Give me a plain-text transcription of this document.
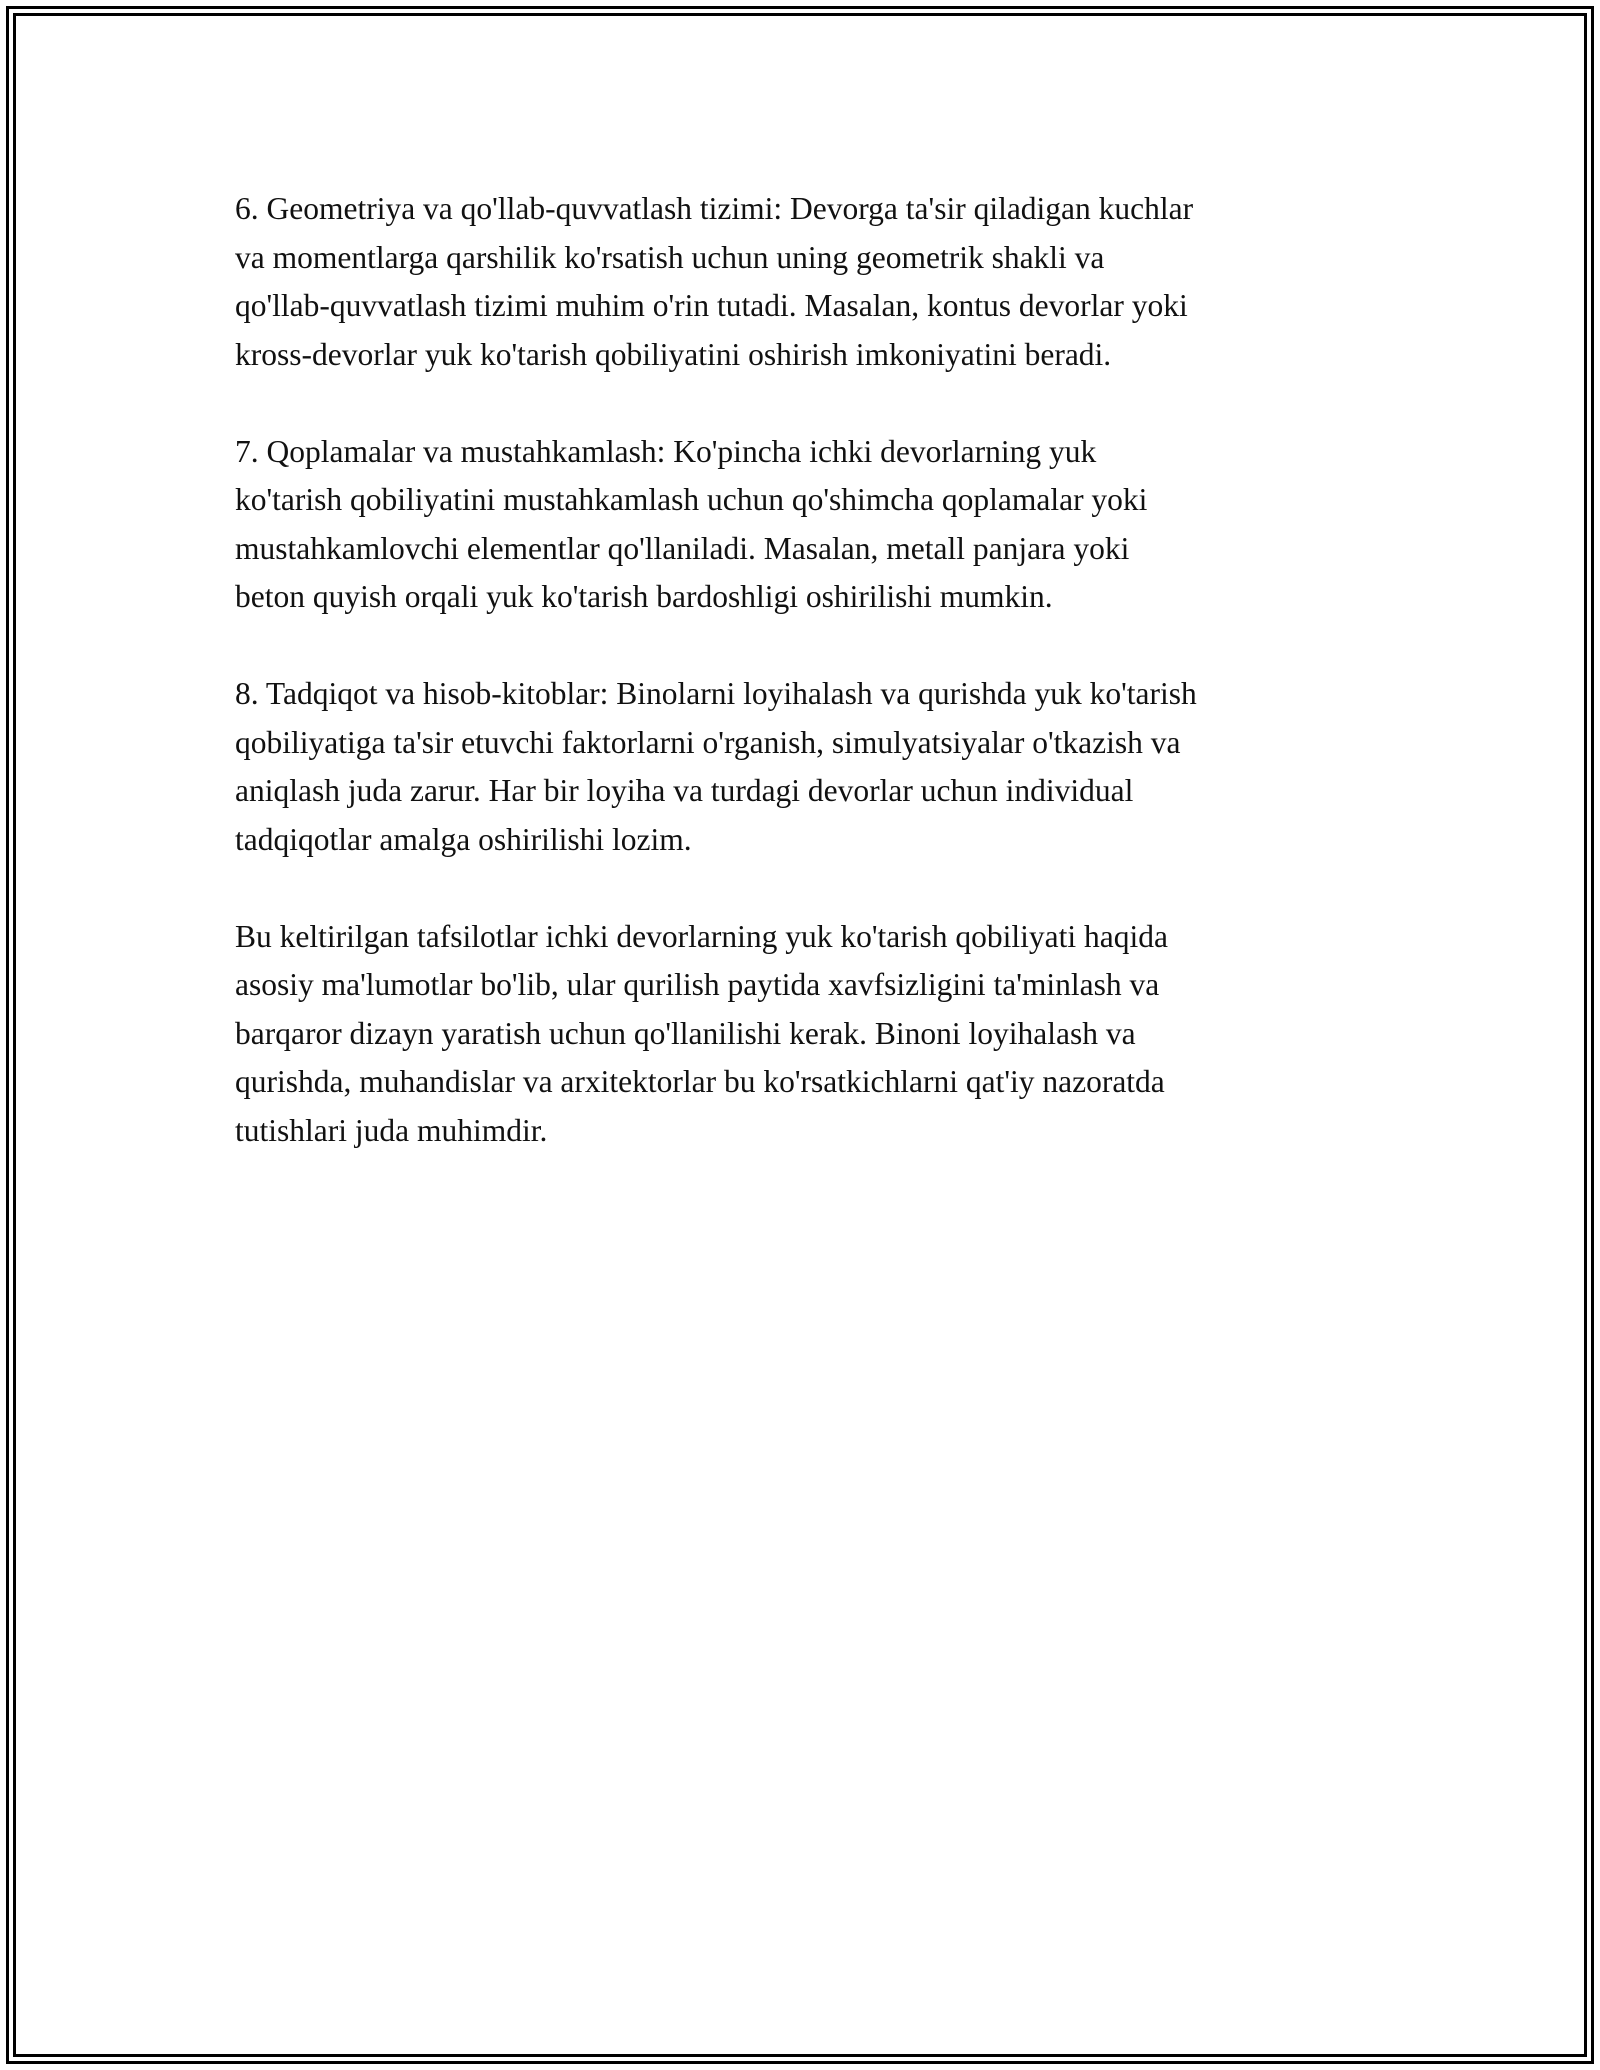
6. Geometriya va qo'llab-quvvatlash tizimi: Devorga ta'sir qiladigan kuchlar
va momentlarga qarshilik ko'rsatish uchun uning geometrik shakli va
qo'llab-quvvatlash tizimi muhim o'rin tutadi. Masalan, kontus devorlar yoki
kross-devorlar yuk ko'tarish qobiliyatini oshirish imkoniyatini beradi.

7. Qoplamalar va mustahkamlash: Ko'pincha ichki devorlarning yuk
ko'tarish qobiliyatini mustahkamlash uchun qo'shimcha qoplamalar yoki
mustahkamlovchi elementlar qo'llaniladi. Masalan, metall panjara yoki
beton quyish orqali yuk ko'tarish bardoshligi oshirilishi mumkin.

8. Tadqiqot va hisob-kitoblar: Binolarni loyihalash va qurishda yuk ko'tarish
qobiliyatiga ta'sir etuvchi faktorlarni o'rganish, simulyatsiyalar o'tkazish va
aniqlash juda zarur. Har bir loyiha va turdagi devorlar uchun individual
tadqiqotlar amalga oshirilishi lozim.

Bu keltirilgan tafsilotlar ichki devorlarning yuk ko'tarish qobiliyati haqida
asosiy ma'lumotlar bo'lib, ular qurilish paytida xavfsizligini ta'minlash va
barqaror dizayn yaratish uchun qo'llanilishi kerak. Binoni loyihalash va
qurishda, muhandislar va arxitektorlar bu ko'rsatkichlarni qat'iy nazoratda
tutishlari juda muhimdir.
